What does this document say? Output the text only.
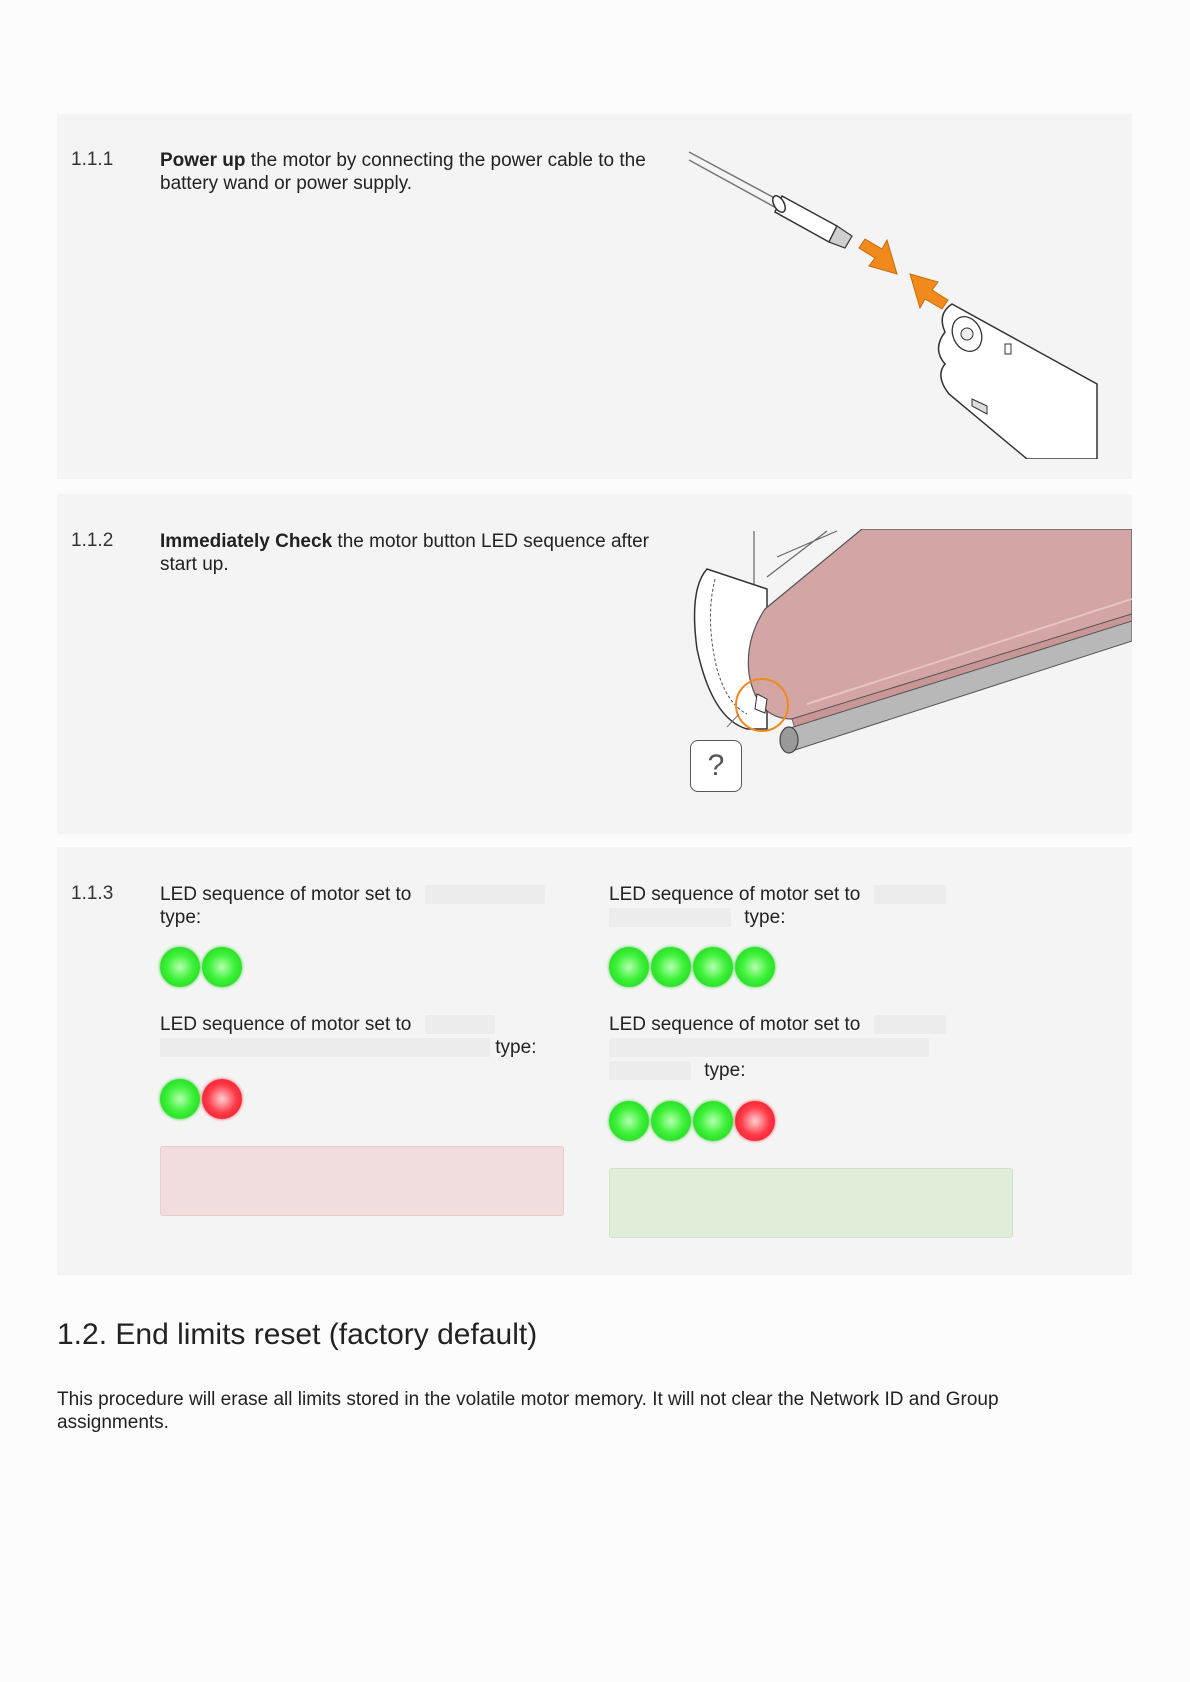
1.1.1 Power up the motor by connecting the power cable to the battery wand or power supply.
1.1.2 Immediately Check the motor button LED sequence after start up.
?
1.1.3 LED sequence of motor set to
type:
LED sequence of motor set to
type:
LED sequence of motor set to
type:
LED sequence of motor set to

type:
1.2. End limits reset (factory default)

This procedure will erase all limits stored in the volatile motor memory. It will not clear the Network ID and Group assignments.
